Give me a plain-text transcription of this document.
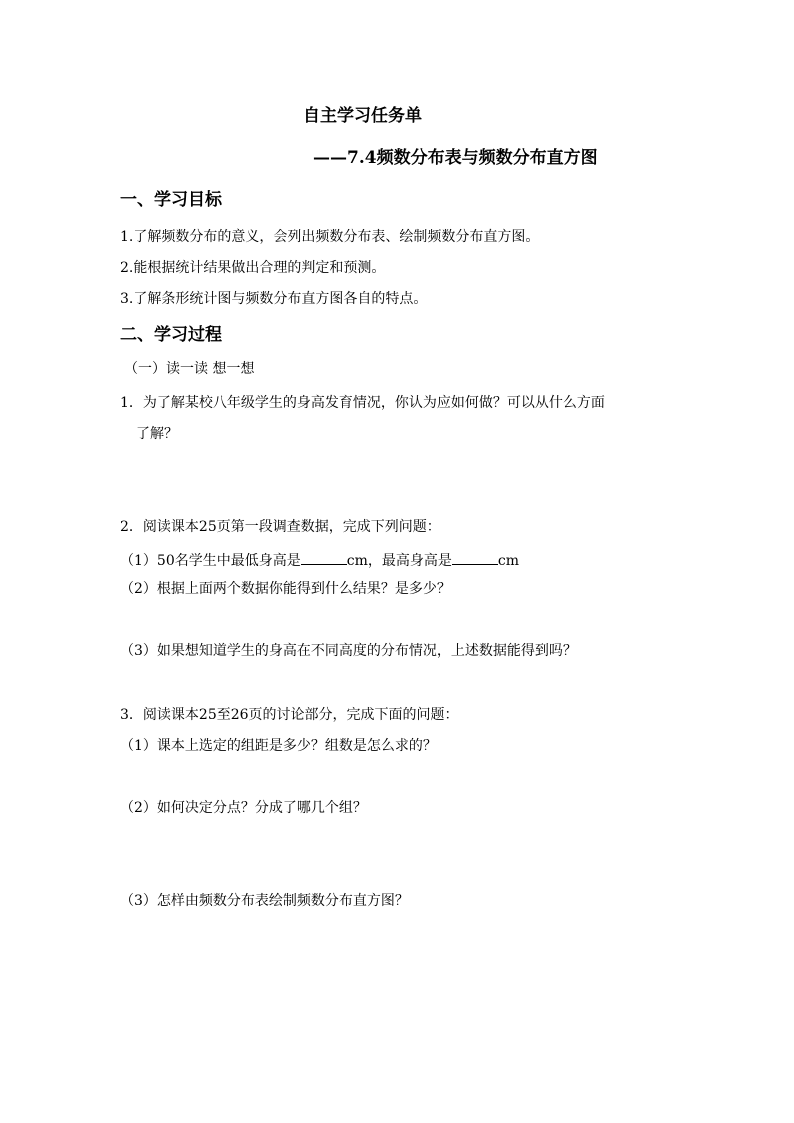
自主学习任务单
——7.4频数分布表与频数分布直方图
一、学习目标
1.了解频数分布的意义，会列出频数分布表、绘制频数分布直方图。
2.能根据统计结果做出合理的判定和预测。
3.了解条形统计图与频数分布直方图各自的特点。
二、学习过程
（一）读一读 想一想
1．为了解某校八年级学生的身高发育情况，你认为应如何做？可以从什么方面
了解？
2．阅读课本25页第一段调查数据，完成下列问题：
（1）50名学生中最低身高是	cm，最高身高是	cm
（2）根据上面两个数据你能得到什么结果？是多少？
（3）如果想知道学生的身高在不同高度的分布情况，上述数据能得到吗？
3．阅读课本25至26页的讨论部分，完成下面的问题：
（1）课本上选定的组距是多少？组数是怎么求的？
（2）如何决定分点？分成了哪几个组？
（3）怎样由频数分布表绘制频数分布直方图？
